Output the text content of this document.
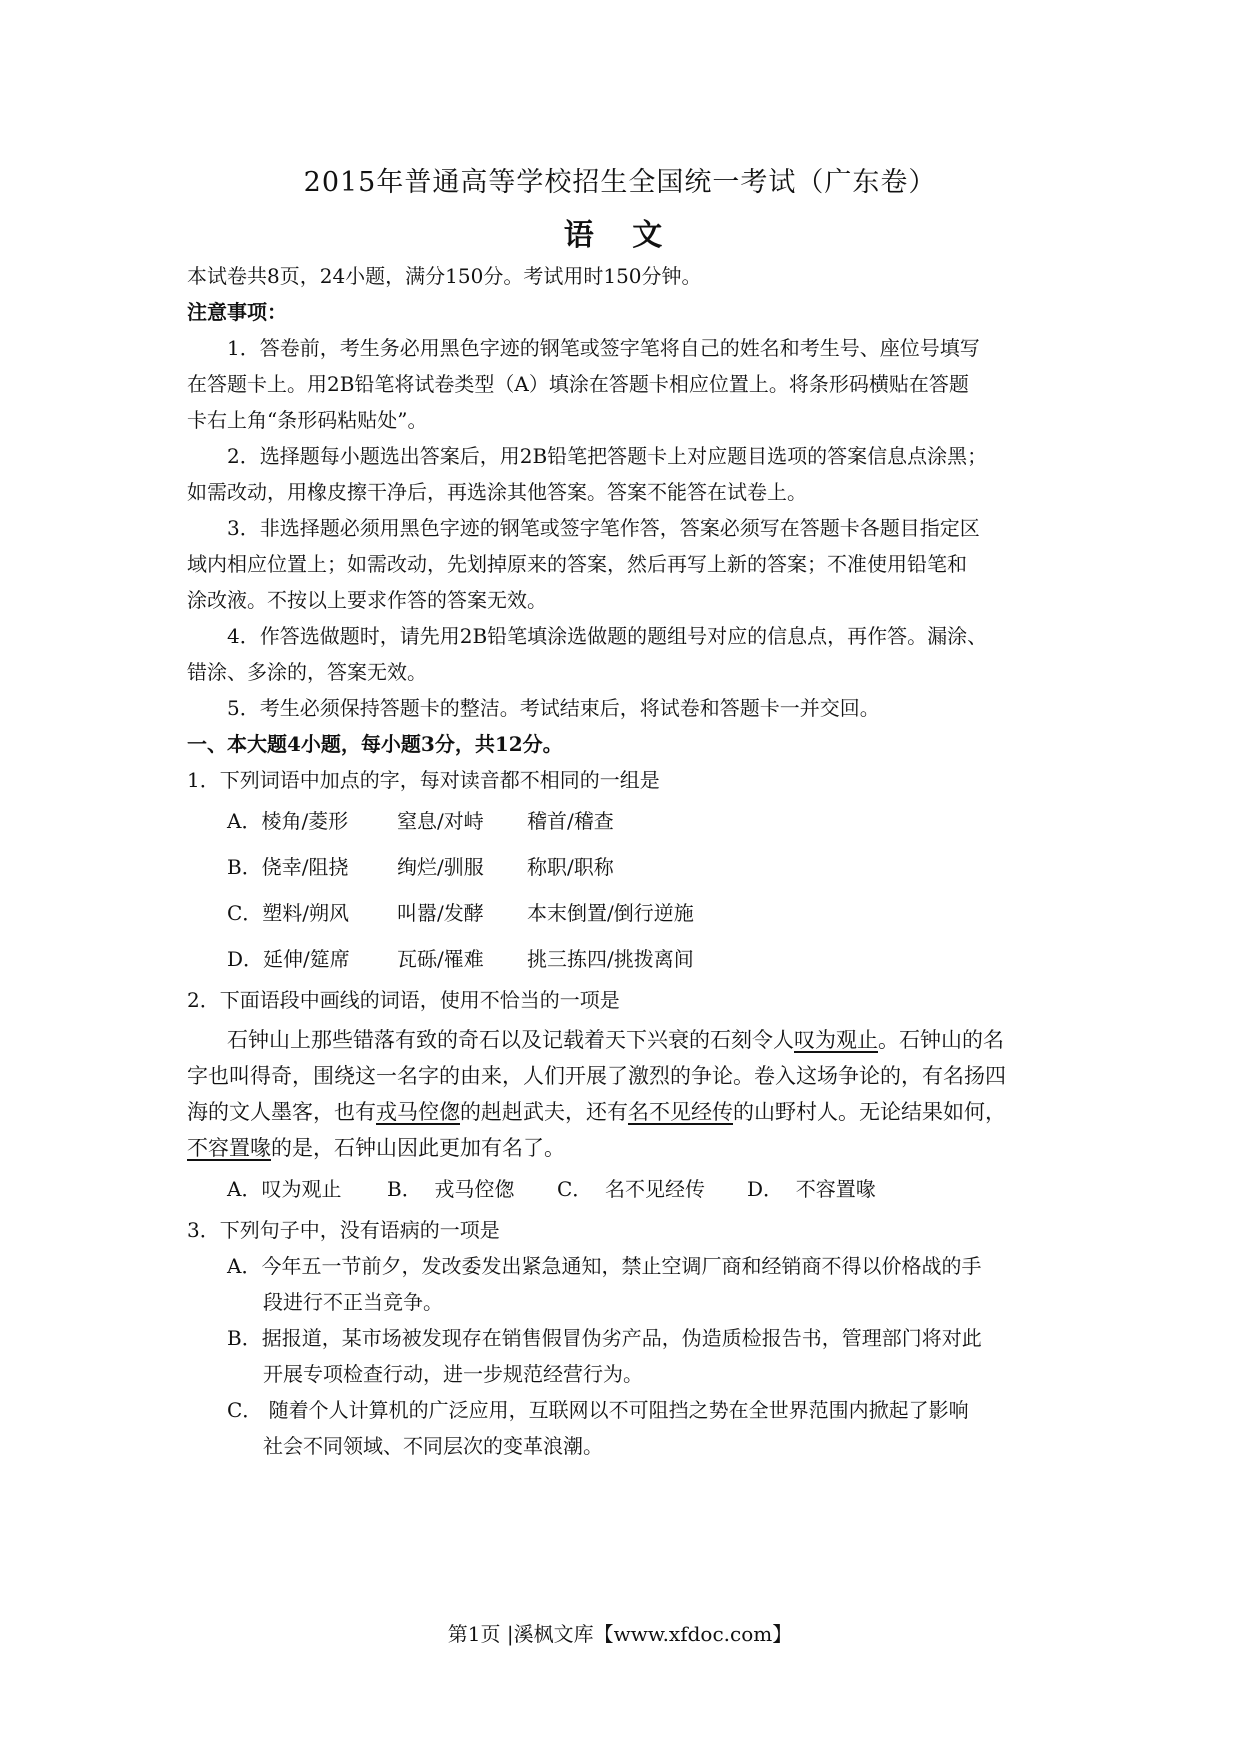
2015年普通高等学校招生全国统一考试（广东卷）
语 文
本试卷共8页，24小题，满分150分。考试用时150分钟。
注意事项：
1．答卷前，考生务必用黑色字迹的钢笔或签字笔将自己的姓名和考生号、座位号填写
在答题卡上。用2B铅笔将试卷类型（A）填涂在答题卡相应位置上。将条形码横贴在答题
卡右上角“条形码粘贴处”。
2．选择题每小题选出答案后，用2B铅笔把答题卡上对应题目选项的答案信息点涂黑；
如需改动，用橡皮擦干净后，再选涂其他答案。答案不能答在试卷上。
3．非选择题必须用黑色字迹的钢笔或签字笔作答，答案必须写在答题卡各题目指定区
域内相应位置上；如需改动，先划掉原来的答案，然后再写上新的答案；不准使用铅笔和
涂改液。不按以上要求作答的答案无效。
4．作答选做题时，请先用2B铅笔填涂选做题的题组号对应的信息点，再作答。漏涂、
错涂、多涂的，答案无效。
5．考生必须保持答题卡的整洁。考试结束后，将试卷和答题卡一并交回。
一、本大题4小题，每小题3分，共12分。
1．下列词语中加点的字，每对读音都不相同的一组是
A．棱角/菱形 窒息/对峙 稽首/稽查
B．侥幸/阻挠 绚烂/驯服 称职/职称
C．塑料/朔风 叫嚣/发酵 本末倒置/倒行逆施
D．延伸/筵席 瓦砾/罹难 挑三拣四/挑拨离间
2．下面语段中画线的词语，使用不恰当的一项是
石钟山上那些错落有致的奇石以及记载着天下兴衰的石刻令人叹为观止。石钟山的名
字也叫得奇，围绕这一名字的由来，人们开展了激烈的争论。卷入这场争论的，有名扬四
海的文人墨客，也有戎马倥偬的赳赳武夫，还有名不见经传的山野村人。无论结果如何，
不容置喙的是，石钟山因此更加有名了。
A．叹为观止 B．  戎马倥偬 C．  名不见经传 D．  不容置喙
3．下列句子中，没有语病的一项是
A．今年五一节前夕，发改委发出紧急通知，禁止空调厂商和经销商不得以价格战的手
段进行不正当竞争。
B．据报道，某市场被发现存在销售假冒伪劣产品，伪造质检报告书，管理部门将对此
开展专项检查行动，进一步规范经营行为。
C． 随着个人计算机的广泛应用，互联网以不可阻挡之势在全世界范围内掀起了影响
社会不同领域、不同层次的变革浪潮。
第1页 |溪枫文库【www.xfdoc.com】
